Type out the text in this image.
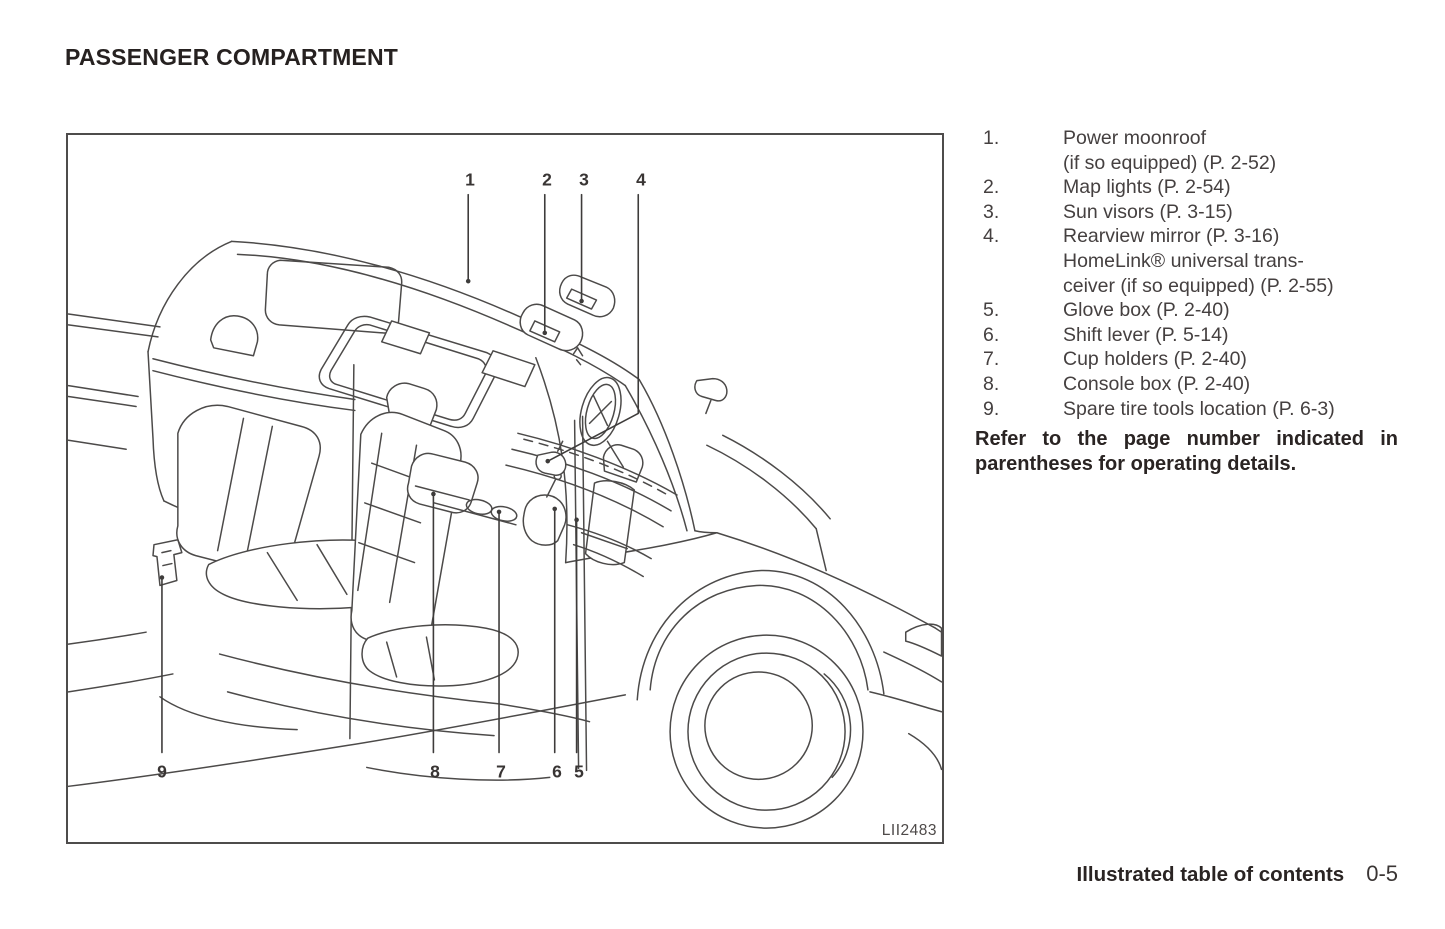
PASSENGER COMPARTMENT
LII2483
1	2 3	4
5
6
7
8
9
1.	Power moonroof
(if so equipped) (P. 2-52)
2.	Map lights (P. 2-54)
3.	Sun visors (P. 3-15)
4.	Rearview mirror (P. 3-16)
HomeLink® universal trans-
ceiver (if so equipped) (P. 2-55)
5.	Glove box (P. 2-40)
6.	Shift lever (P. 5-14)
7.	Cup holders (P. 2-40)
8.	Console box (P. 2-40)
9.	Spare tire tools location (P. 6-3)

Refer to the page number indicated in parentheses for operating details.

Illustrated table of contents 0-5
